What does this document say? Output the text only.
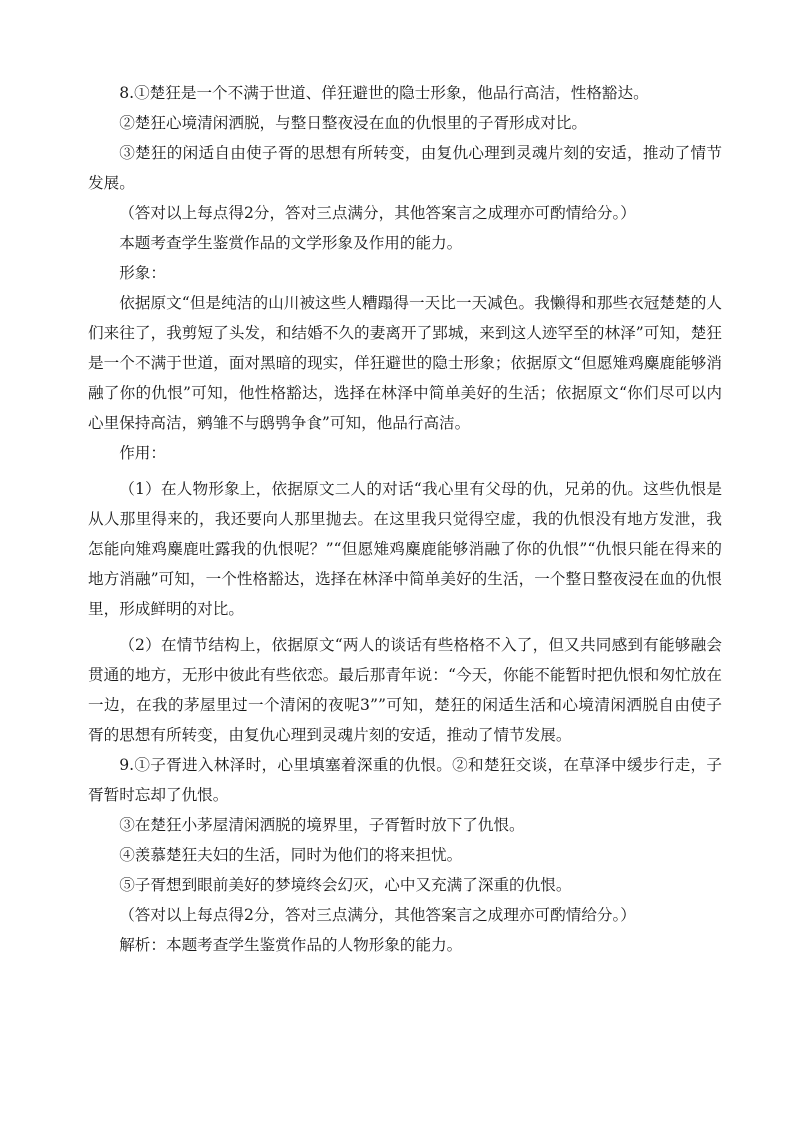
8.①楚狂是一个不满于世道、佯狂避世的隐士形象，他品行高洁，性格豁达。

②楚狂心境清闲洒脱，与整日整夜浸在血的仇恨里的子胥形成对比。

③楚狂的闲适自由使子胥的思想有所转变，由复仇心理到灵魂片刻的安适，推动了情节发展。

（答对以上每点得2分，答对三点满分，其他答案言之成理亦可酌情给分。）

本题考查学生鉴赏作品的文学形象及作用的能力。

形象：

依据原文“但是纯洁的山川被这些人糟蹋得一天比一天减色。我懒得和那些衣冠楚楚的人们来往了，我剪短了头发，和结婚不久的妻离开了郢城，来到这人迹罕至的林泽”可知，楚狂是一个不满于世道，面对黑暗的现实，佯狂避世的隐士形象；依据原文“但愿雉鸡麋鹿能够消融了你的仇恨”可知，他性格豁达，选择在林泽中简单美好的生活；依据原文“你们尽可以内心里保持高洁，鹓雏不与鸱鸮争食”可知，他品行高洁。

作用：

（1）在人物形象上，依据原文二人的对话“我心里有父母的仇，兄弟的仇。这些仇恨是从人那里得来的，我还要向人那里抛去。在这里我只觉得空虚，我的仇恨没有地方发泄，我怎能向雉鸡麋鹿吐露我的仇恨呢？”“但愿雉鸡麋鹿能够消融了你的仇恨”“仇恨只能在得来的地方消融”可知，一个性格豁达，选择在林泽中简单美好的生活，一个整日整夜浸在血的仇恨里，形成鲜明的对比。

（2）在情节结构上，依据原文“两人的谈话有些格格不入了，但又共同感到有能够融会贯通的地方，无形中彼此有些依恋。最后那青年说：“今天，你能不能暂时把仇恨和匆忙放在一边，在我的茅屋里过一个清闲的夜呢3””可知，楚狂的闲适生活和心境清闲洒脱自由使子胥的思想有所转变，由复仇心理到灵魂片刻的安适，推动了情节发展。

9.①子胥进入林泽时，心里填塞着深重的仇恨。②和楚狂交谈，在草泽中缓步行走，子胥暂时忘却了仇恨。

③在楚狂小茅屋清闲洒脱的境界里，子胥暂时放下了仇恨。

④羡慕楚狂夫妇的生活，同时为他们的将来担忧。

⑤子胥想到眼前美好的梦境终会幻灭，心中又充满了深重的仇恨。

（答对以上每点得2分，答对三点满分，其他答案言之成理亦可酌情给分。）

解析：本题考查学生鉴赏作品的人物形象的能力。
